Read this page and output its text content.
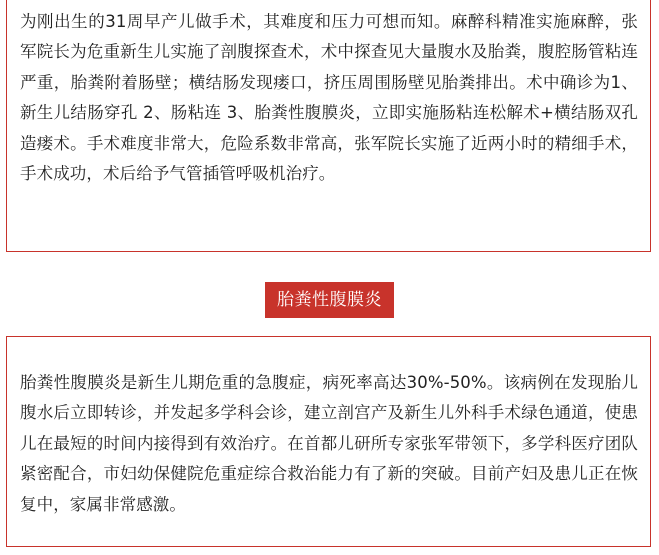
为刚出生的31周早产儿做手术，其难度和压力可想而知。麻醉科精准实施麻醉，张军院长为危重新生儿实施了剖腹探查术，术中探查见大量腹水及胎粪，腹腔肠管粘连严重，胎粪附着肠壁；横结肠发现瘘口，挤压周围肠壁见胎粪排出。术中确诊为1、新生儿结肠穿孔 2、肠粘连 3、胎粪性腹膜炎，立即实施肠粘连松解术+横结肠双孔造瘘术。手术难度非常大，危险系数非常高，张军院长实施了近两小时的精细手术，手术成功，术后给予气管插管呼吸机治疗。

胎粪性腹膜炎

胎粪性腹膜炎是新生儿期危重的急腹症，病死率高达30%-50%。该病例在发现胎儿腹水后立即转诊，并发起多学科会诊，建立剖宫产及新生儿外科手术绿色通道，使患儿在最短的时间内接得到有效治疗。在首都儿研所专家张军带领下，多学科医疗团队紧密配合，市妇幼保健院危重症综合救治能力有了新的突破。目前产妇及患儿正在恢复中，家属非常感激。
